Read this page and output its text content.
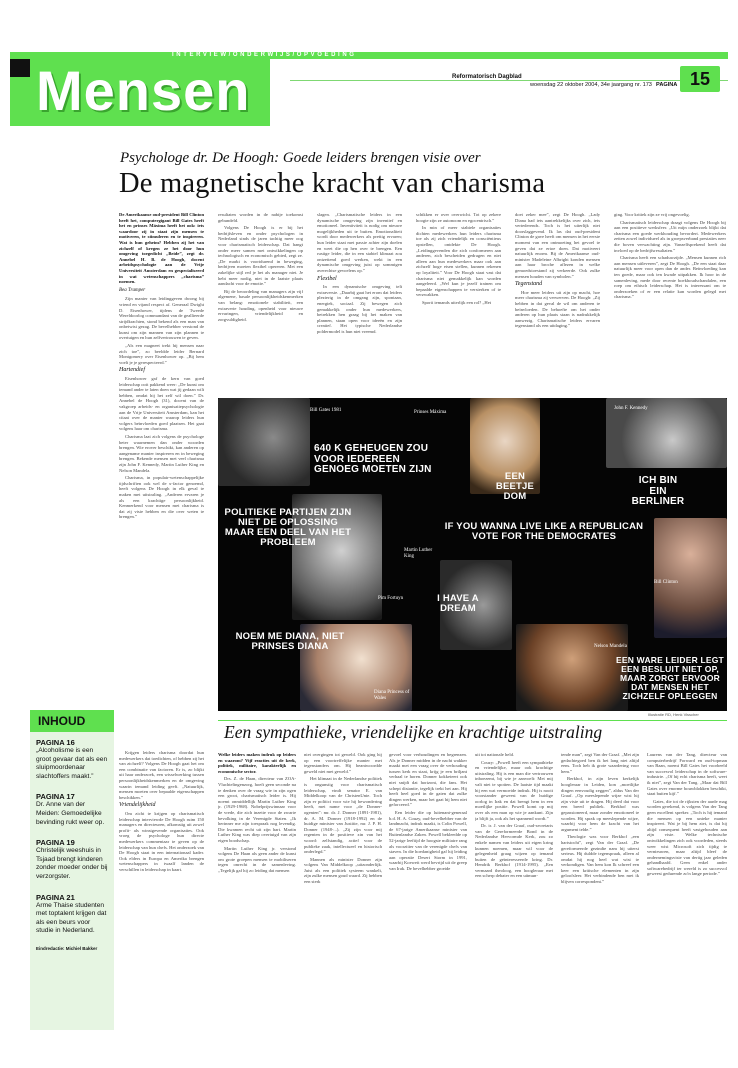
INTERVIEW/ONDERWIJS/OPVOEDING
Mensen	Reformatorisch Dagblad
woensdag 22 oktober 2004, 34e jaargang nr. 173 PAGINA 15
Psychologe dr. De Hoogh: Goede leiders brengen visie over
De magnetische kracht van charisma

De Amerikaanse oud-president Bill Clinton heeft het, computergigant Bill Gates heeft het en prinses Máxima heeft het ook: iets waardoor zij in staat zijn mensen te motiveren, te stimuleren en te inspireren. Wat is hun geheim? Hebben zij het van zichzelf of kregen ze het door hun omgeving toegedicht „Beide”, zegt dr. Annebel H. B. de Hoogh, docent arbeidspsychologie aan de Vrije Universiteit Amsterdam en gespecialiseerd in wat wetenschappers „charisma” noemen.

Bea Tramper

Zijn manier van leidinggeven dwong bij vriend en vijand respect af. Generaal Dwight D. Eisenhower, tijdens de Tweede Wereldoorlog commandant van de geallieerde strijdkrachten, stond bekend als een man van onbetwist gezag. De bevelhebber verstond de kunst om zijn mannen van zijn plannen te overtuigen en hun zelfvertrouwen te geven.

„Als een magneet trekt hij mensen naar zich toe”, zo beeldde leider Bernard Montgomery over Eisenhower op. „Bij hem voelt je je gerespecteerd.”

Hartendief

Eisenhower gaf de kern van goed leiderschap ooit pakkend weer: „De kunst om iemand ander te laten doen wat jij gedaan wilt hebben, omdat hij het zelf wil doen.” Dr. Annebel de Hoogh (31), docent van de vakgroep arbeids- en organisatiepsychologie aan de Vrije Universiteit Amsterdam, kan het citaat over de manier waarop leiders hun volgers beïnvloeden goed plaatsen. Het gaat volgens haar om charisma.

Charisma laat zich volgens de psychologe beter waarnemen dan onder woorden brengen. Wie erover beschikt, kan anderen op aangename manier inspireren en in beweging brengen. Bekende mensen met veel charisma zijn John F. Kennedy, Martin Luther King en Nelson Mandela.

Charisma, in populair-wetenschappelijke tijdschriften ook wel de x-factor genoemd, heeft volgens De Hoogh in elk geval te maken met uitstraling. „Anderen ervaren je als een krachtige persoonlijkheid. Kenmerkend voor mensen met charisma is dat zij visie hebben en die over weten te brengen.”

Krijgen leiders charisma doordat hun medewerkers dat toedichten, of hebben zij het van zichzelf? Volgens De Hoogh gaat het om een combinatie van factoren. Er is, zo blijkt uit haar onderzoek, een wisselwerking tussen persoonlijkheidskenmerken en de omgeving waarin iemand leiding geeft. „Natuurlijk, mensen moeten over bepaalde eigenschappen beschikken.”

Vriendelijkheid

Om zicht te krijgen op charismatisch leiderschap interviewde De Hoogh ruim 150 managers en directeuren, afkomstig uit zowel profit- als winstgevende organisaties. Ook vroeg de psychologe hun directe medewerkers commentaar te geven op de leiderschap van hun chefs. Het onderzoek van De Hoogh staat in een internationaal kader. Ook elders in Europa en Amerika brengen wetenschappers in twaalf landen de verschillen in leiderschap in kaart.

resultaten worden in de nabije toekomst gebundeld.

Volgens De Hoogh is er bij het bedrijfsleven en onder psychologen in Nederland sinds de jaren tachtig meer oog voor charismatisch leiderschap. Dat hangt onder meer samen met ontwikkelingen op technologisch en economisch gebied, zegt ze. „De markt is voortdurend in beweging, bedrijven moeten flexibel opereren. Met een zakelijke stijl red je het als manager niet. Je hebt meer nodig, niet in de laatste plaats aandacht voor de emotie.”

Bij de beoordeling van managers zijn vijf algemene, basale persoonlijkheidskenmerken van belang: emotionele stabiliteit, een extraverte houding, openheid voor nieuwe ervaringen, vriendelijkheid en zorgvuldigheid.

slagen. „Charismatische leiders in een dynamische omgeving zijn inventief en emotioneel. Inventiviteit is nodig om nieuwe mogelijkheden uit te buiten. Emotionaliteit wordt door medewerkers als prettig ervaren; hun leider staat met passie achter zijn doelen en weet die op hen over te brengen. Een rustige leider, die in een stabiel klimaat zou ontzettend goed werken, wekt in een dynamische omgeving juist op sommigen averechtse gevoelens op.”

Flexibel

In een dynamische omgeving telt extraversie. „Daarbij gaat het erom dat leiders plezierig in de omgang zijn, spontaan, energiek, sociaal. Zij bewegen zich gemakkelijk onder hun medewerkers, betrekken hen graag bij het maken van plannen, staan open voor ideeën en zijn creatief. Het typische Nederlandse poldermodel is hun niet vreemd.

schikken er over overwicht. Tot op zekere hoogte zijn ze autonoom en egocentrisch.”

In min of meer stabiele organisaties dichten medewerkers hun leiders charisma toe als zij zich vriendelijk en consciëntieus opstellen, ontdekte De Hoogh. „Leidinggevenden die zich conformeren aan anderen, zich bescheiden gedragen en niet alleen aan hun medewerkers maar ook aan zichzelf hoge eisen stellen, kunnen rekenen op loyaliteit.” Voor De Hoogh staat vast dat charisma niet gemakkelijk kan worden aangeleerd. „Wel kun je jezelf trainen om bepaalde eigenschappen te versterken of te verzwakken.

Sporti iemands uiterlijk een rol? „Het

doet zeker mee”, zegt De Hoogh. „Lady Diana had iets aantrekkelijks over zich, iets vertederends. Toch is het uiterlijk niet doorslaggevend. Ik las dat oud-president Clinton de gave heeft om mensen in het eerste moment van een ontmoeting het gevoel te geven dat ze ertoe doen. Dat motiveert natuurlijk enorm. Bij de Amerikaanse oud-minister Madeleine Albright konden mensen aan haar broche aflezen in welke gemoedstoestand zij verkeerde. Ook zulke mensen houden van symbolen.”

Tegenstand

Hoe meer leiders uit zijn op macht, hoe meer charisma zij verwerven. De Hoogh: „Zij hebben in dat geval de wil om anderen te beïnvloeden. De behoefte om het onder anderen op hun plaats staan is nadrukkelijk aanwezig. Charismatische leiders ervaren tegenstand als een uitdaging.”

ging. Voor kritiek zijn ze vrij ongevoelig.

Charismatisch leiderschap draagt volgens De Hoogh bij aan een positieve werksfeer. „Uit mijn onderzoek blijkt dat charisma een goede werkhouding bevordert. Medewerkers zetten zowel individueel als in groepsverband prestaties neer die boven verwachting zijn. Vanzelfsprekend heeft dat invloed op de bedrijfsresultaten.”

Charisma heeft een schaduwzijde. „Mensen kunnen rich aan mensen uitleveren”, zegt De Hoogh. „De een staat daar natuurlijk meer voor open dan de ander. Beïnvloeding kan ten goede, maar ook ten kwade uitpakken. Ik hoor in de samenleving, mede door recente boekhoudschandalen, een roep om ethisch leiderschap. Het is interessant om te onderzoeken of er een relatie kan worden gelegd met charisma.”

Bill Gates 1981	Prinses Máxima
John F. Kennedy
Pim Fortuyn
Martin Luther King
Bill Clinton
Diana Princess of Wales
Nelson Mandela
640 K GEHEUGEN ZOU VOOR IEDEREEN GENOEG MOETEN ZIJN
EEN BEETJE DOM
ICH BIN EIN BERLINER
POLITIEKE PARTIJEN ZIJN NIET DE OPLOSSING MAAR EEN DEEL VAN HET PROBLEEM
IF YOU WANNA LIVE LIKE A REPUBLICAN VOTE FOR THE DEMOCRATES
I HAVE A DREAM
NOEM ME DIANA, NIET PRINSES DIANA
EEN WARE LEIDER LEGT EEN BESLUIT NIET OP, MAAR ZORGT ERVOOR DAT MENSEN HET ZICHZELF OPLEGGEN
Illustratie RD, Henk Visscher
Een sympathieke, vriendelijke en krachtige uitstraling

Welke leiders maken indruk op leiders en waarom? Vijf reacties uit de kerk, politiek, militaire, karakterlijk en economische sector.

Drs. Z. de Haan, directeur van ZOA-Vluchtelingenzorg, hoeft geen seconde na te denken over de vraag wie in zijn ogen een groot, charismatisch leider is. Hij noemt onmiddellijk Martin Luther King jr. (1929-1968). Nobelprijswinnaar voor de vrede, die zich inzette voor de zwarte bevolking in de Verenigde Staten. „Ik herinner me zijn toespraak nog levendig. Die kwamen recht uit zijn hart. Martin Luther King was diep overtuigd van zijn eigen boodschap.

Martin Luther King jr. verstond volgens De Haan als geen ander de kunst om grote groepen mensen te mobiliseren tegen onrecht in de samenleving. „Tegelijk gaf hij zo leiding dat mensen

niet overgingen tot geweld. Ook ging hij op een voortreffelijke manier met tegenstanders om. Hij beantwoordde geweld niet met geweld.”

Het klimaat in de Nederlandse politiek is ongunstig voor charismatisch leiderschap, vindt senator E. van Middelkoop van de ChristenUnie. Toch zijn er politici voor wie hij bewondering heeft, met name voor „de Donner-ogenten”: mr. dr. J. Donner (1891-1981), dr. A. M. Donner (1918-1992) en de huidige minister van Justitie, mr. J. P. H. Donner (1948-...). „Zij zijn voor mij regenten in de positieve zin van het woord: zelfstandig, actief voor de publieke zaak, intellectueel en historisch onderlegd.”

Mannen als minister Donner zijn volgens Van Middelkoop „uitzonderlijk. Juist als een politiek systeem wankelt, zijn zulke mensen goud waard. Zij hebben een sterk

gevoel voor verhoudingen en begrenzen. Als je Donner midden in de nacht wakker maakt met een vraag over de verhouding tussen kerk en staat, krijg je een briljant verhaal te horen. Donner kokketeert ook niet snijdt dat horizont, die fans. Het schept distantie, tegelijk trekt het aan. Hij heeft heel goed in de gaten dat zulke dingen werken, maar het gaat hij hem niet geforceerd.”

Een leider die op luitenant-generaal b.d. H. A. Couzy, oud-bevelhebber van de landmacht, indruk maakt, is Colin Powell, de 67-jarige Amerikaanse minister van Buitenlandse Zaken. Powell bekleedde op 52-jarige leeftijd de hoogste militaire rang als voorzitter van de verenigde chefs van staven. In die hoedanigheid gaf hij leiding aan operatie Desert Storm in 1991, waarbij Koeweit werd bevrijd uit de greep van Irak. De bevelhebber groeide

uit tot nationale held.

Couzy: „Powell heeft een sympathieke en vriendelijke, maar ook krachtige uitstraling. Hij is een man die vertrouwen inboezemt, bij wie je aanvoelt: Met mij valt niet te spotten. De laatste tijd maakt hij een wat vermoeide indruk. Hij is nooit voorstander geweest van de huidige oorlog in Irak en dat brengt hem in een moeilijke positie. Powell komt op mij over als een man op wie je aankunt. Zijn ja blijft ja, ook als het spannend wordt.”

Dr. ir. J. van der Graaf, oud-secretaris van de Gereformeerde Bond in de Nederlandse Hervormde Kerk, zou zo enkele namen van leiders uit eigen kring kunnen noemen, maar wil voor de gelegenheid graag wijzen op iemand buiten de geïnteresseerde kring. Dr. Hendrik Berkhof (1914-1995). „Een vermaard theoloog, een hoogleraar met een scherp debater en een uitmun-

tende man”, zegt Van der Graaf. „Met zijn gedachtegoed ben ik het lang niet altijd eens. Toch heb ik grote waardering voor hem.”

Berkhof, in zijn leven kerkelijk hoogleraar in Leiden, kon „moeilijke dingen eenvoudig zeggen”, aldus Van der Graaf. „Op meeslepende wijze wist hij zijn visie uit te dragen. Hij deed dat voor een breed publiek. Berkhof was gepassioneerd, maar zonder emotioneel te worden. Hij sprak op meeslepende wijze, waarbij voor hem de kracht van het argument telde.”

Theologie was voor Berkhof „een hartstocht”, zegt Van der Graaf. „De gereformeerde gezindte nam hij uiterst serieus. Hij duldde tegenspraak, alleen al omdat hij nog heel wat wist te verkondigen. Van hem kon Ik schreef een keer een kritische elementen in zijn geloofsleer. Het verbindende ben met ik blijven correspondent.”

Laurens van der Tang, directeur van computerbedrijf Forward en oud-topman van Baan, noemt Bill Gates het voorbeeld van succesvol leiderschap in de software-industrie. „Of hij echt charisma heeft, weet ik niet”, zegt Van der Tang. „Maar dat Bill Gates over enorme bouwblokken beschikt, staat buiten kijf.”

Gates, die tot de rijksten der aarde mag worden gerekend, is volgens Van der Tang geen excellent spreker. „Toch is hij iemand die mensen op een unieke manier inspireert. Wat je bij hem ziet, is dat hij altijd consequent heeft vastgehouden aan zijn visie. Welke technische ontwikkelingen zich ook voordeden, steeds weer wist Microsoft zich tijdig te vernieuwen, maar altijd bleef de ondernemingsvisie van dertig jaar geleden gehandhaafd. Geen enkel ander softwarebedrijf ter wereld is zo succesvol geweest gedurende zo'n lange periode.”

INHOUD
PAGINA 16
„Alcoholisme is een groot gevaar dat als een sluipmoordenaar slachtoffers maakt.”
PAGINA 17
Dr. Anne van der Meiden: Gemoedelijke bevinding rukt weer op.
PAGINA 19
Christelijk weeshuis in Tsjaad brengt kinderen zonder moeder onder bij verzorgster.
PAGINA 21
Arme Thaise studenten met toptalent krijgen dat als een beurs voor studie in Nederland.
Eindredactie: Michiel Bakker
